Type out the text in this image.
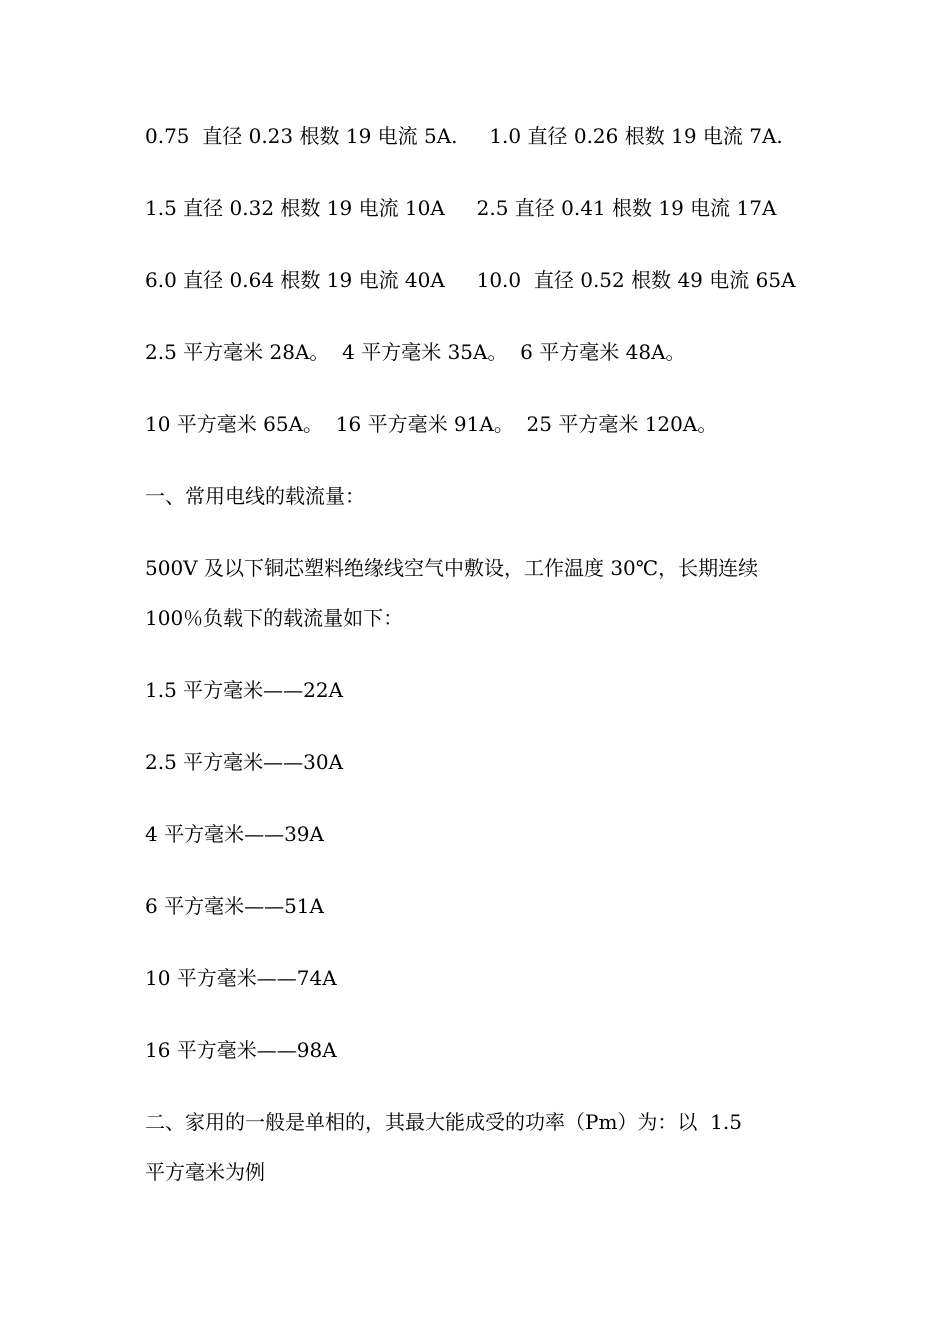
0.75  直径 0.23 根数 19 电流 5A.     1.0 直径 0.26 根数 19 电流 7A.

1.5 直径 0.32 根数 19 电流 10A     2.5 直径 0.41 根数 19 电流 17A

6.0 直径 0.64 根数 19 电流 40A     10.0  直径 0.52 根数 49 电流 65A

2.5 平方毫米 28A。  4 平方毫米 35A。  6 平方毫米 48A。

10 平方毫米 65A。  16 平方毫米 91A。  25 平方毫米 120A。

一、常用电线的载流量：

500V 及以下铜芯塑料绝缘线空气中敷设，工作温度 30℃，长期连续

100％负载下的载流量如下：

1.5 平方毫米——22A

2.5 平方毫米——30A

4 平方毫米——39A

6 平方毫米——51A

10 平方毫米——74A

16 平方毫米——98A

二、家用的一般是单相的，其最大能成受的功率（Pm）为：以  1.5

平方毫米为例
